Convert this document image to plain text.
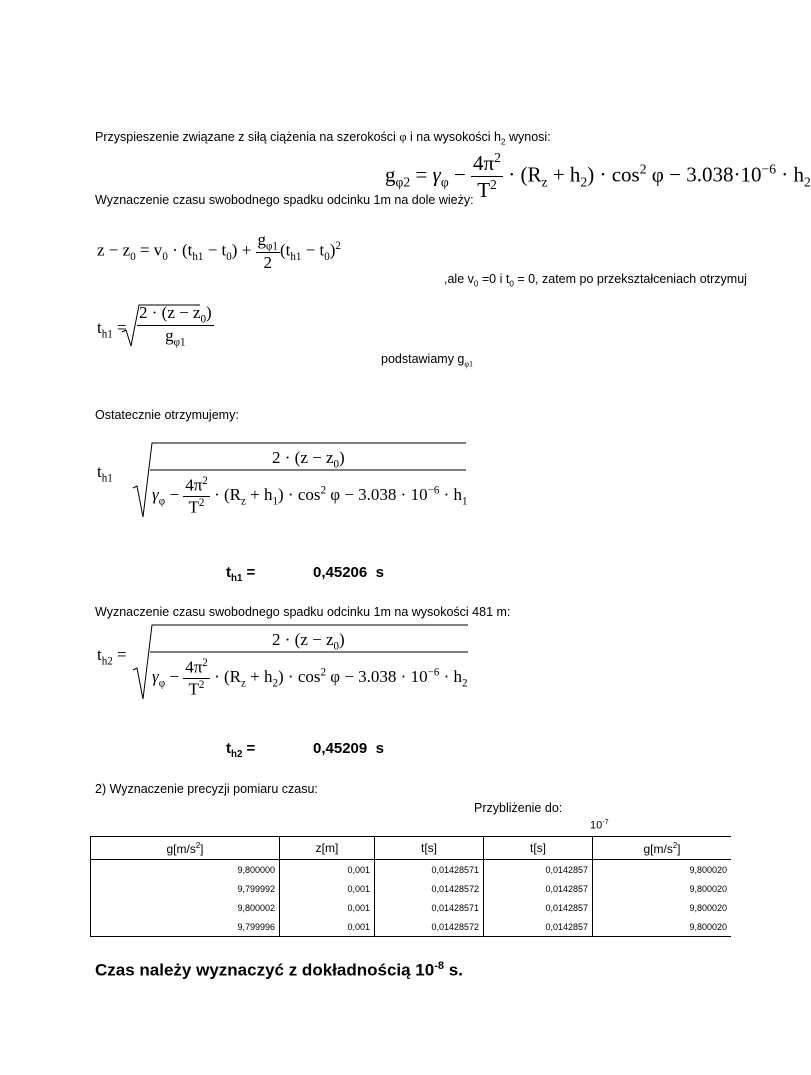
Przyspieszenie związane z siłą ciążenia na szerokości φ i na wysokości $h_2$ wynosi:
$g_{\varphi 2} = \gamma_\varphi - \frac{4\pi^2}{T^2} \cdot (R_z + h_2) \cdot \cos^2 \varphi - 3.038\cdot 10^{-6} \cdot h_2$
Wyznaczenie czasu swobodnego spadku odcinku 1m na dole wieży:
$z - z_0 = v_0 \cdot (t_{h1} - t_0) + \frac{g_{\varphi 1}}{2} (t_{h1} - t_0)^2$
,ale $v_0 =0$ i $t_0 = 0$, zatem po przekształceniach otrzymuj
$t_{h1} = \frac{2 \cdot (z - z_0)}{g_{\varphi 1}}$
podstawiamy $g_{\varphi 1}$
Ostatecznie otrzymujemy:
$t_{h1}$
$2 \cdot (z - z_0)$
$\gamma_\varphi - \frac{4\pi^2}{T^2} \cdot (R_z + h_1) \cdot \cos^2 \varphi - 3.038 \cdot 10^{-6} \cdot h_1$
$t_{h1}$ =	0,45206 s
Wyznaczenie czasu swobodnego spadku odcinku 1m na wysokości 481 m:
$t_{h2}$ =
$2 \cdot (z - z_0)$
$\gamma_\varphi - \frac{4\pi^2}{T^2} \cdot (R_z + h_2) \cdot \cos^2 \varphi - 3.038 \cdot 10^{-6} \cdot h_2$
$t_{h2}$ =	0,45209 s
2) Wyznaczenie precyzji pomiaru czasu:
Przybliżenie do:
$10^{-7}$
$g[m/s^2]$	z[m]	t[s]	t[s]	$g[m/s^2]$
9,800000	0,001	0,01428571	0,0142857	9,800020
9,799992	0,001	0,01428572	0,0142857	9,800020
9,800002	0,001	0,01428571	0,0142857	9,800020
9,799996	0,001	0,01428572	0,0142857	9,800020
Czas należy wyznaczyć z dokładnością $10^{-8}$ s.
